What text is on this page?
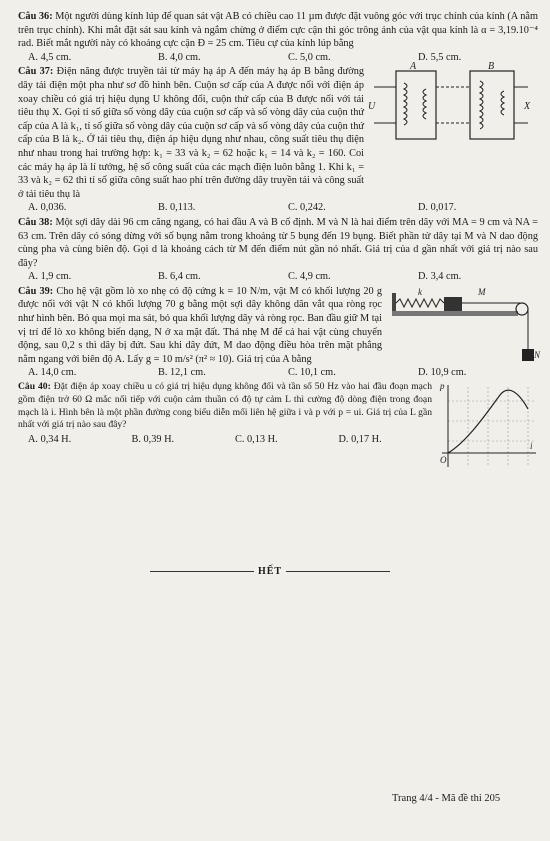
Câu 36: Một người dùng kính lúp để quan sát vật AB có chiều cao 11 µm được đặt vuông góc với trục chính của kính (A nằm trên trục chính). Khi mắt đặt sát sau kính và ngắm chừng ở điểm cực cận thì góc trông ảnh của vật qua kính là α = 3,19.10⁻⁴ rad. Biết mắt người này có khoảng cực cận Đ = 25 cm. Tiêu cự của kính lúp bằng

A. 4,5 cm.	B. 4,0 cm.	C. 5,0 cm.	D. 5,5 cm.

Câu 37: Điện năng được truyền tải từ máy hạ áp A đến máy hạ áp B bằng đường dây tải điện một pha như sơ đồ hình bên. Cuộn sơ cấp của A được nối với điện áp xoay chiều có giá trị hiệu dụng U không đổi, cuộn thứ cấp của B được nối với tải tiêu thụ X. Gọi tỉ số giữa số vòng dây của cuộn sơ cấp và số vòng dây của cuộn thứ cấp của A là k₁, tỉ số giữa số vòng dây của cuộn sơ cấp và số vòng dây của cuộn thứ cấp của B là k₂. Ở tải tiêu thụ, điện áp hiệu dụng như nhau, công suất tiêu thụ điện như nhau trong hai trường hợp: k₁ = 33 và k₂ = 62 hoặc k₁ = 14 và k₂ = 160. Coi các máy hạ áp là lí tưởng, hệ số công suất của các mạch điện luôn bằng 1. Khi k₁ = 33 và k₂ = 62 thì tỉ số giữa công suất hao phí trên đường dây truyền tải và công suất ở tải tiêu thụ là

A
U
B
X
A. 0,036.	B. 0,113.	C. 0,242.	D. 0,017.

Câu 38: Một sợi dây dài 96 cm căng ngang, có hai đầu A và B cố định. M và N là hai điểm trên dây với MA = 9 cm và NA = 63 cm. Trên dây có sóng dừng với số bụng nằm trong khoảng từ 5 bụng đến 19 bụng. Biết phần tử dây tại M và N dao động cùng pha và cùng biên độ. Gọi d là khoảng cách từ M đến điểm nút gần nó nhất. Giá trị của d gần nhất với giá trị nào sau đây?

A. 1,9 cm.	B. 6,4 cm.	C. 4,9 cm.	D. 3,4 cm.

Câu 39: Cho hệ vật gồm lò xo nhẹ có độ cứng k = 10 N/m, vật M có khối lượng 20 g được nối với vật N có khối lượng 70 g bằng một sợi dây không dãn vắt qua ròng rọc như hình bên. Bỏ qua mọi ma sát, bỏ qua khối lượng dây và ròng rọc. Ban đầu giữ M tại vị trí để lò xo không biến dạng, N ở xa mặt đất. Thả nhẹ M để cả hai vật cùng chuyển động, sau 0,2 s thì dây bị đứt. Sau khi dây đứt, M dao động điều hòa trên mặt phẳng nằm ngang với biên độ A. Lấy g = 10 m/s² (π² ≈ 10). Giá trị của A bằng

k	M
N
A. 14,0 cm.	B. 12,1 cm.	C. 10,1 cm.	D. 10,9 cm.

Câu 40: Đặt điện áp xoay chiều u có giá trị hiệu dụng không đổi và tần số 50 Hz vào hai đầu đoạn mạch gồm điện trở 60 Ω mắc nối tiếp với cuộn cảm thuần có độ tự cảm L thì cường độ dòng điện trong đoạn mạch là i. Hình bên là một phần đường cong biểu diễn mối liên hệ giữa i và p với p = ui. Giá trị của L gần nhất với giá trị nào sau đây?

A. 0,34 H.	B. 0,39 H.	C. 0,13 H.	D. 0,17 H.
p
i
O
HẾT
Trang 4/4 - Mã đề thi 205
